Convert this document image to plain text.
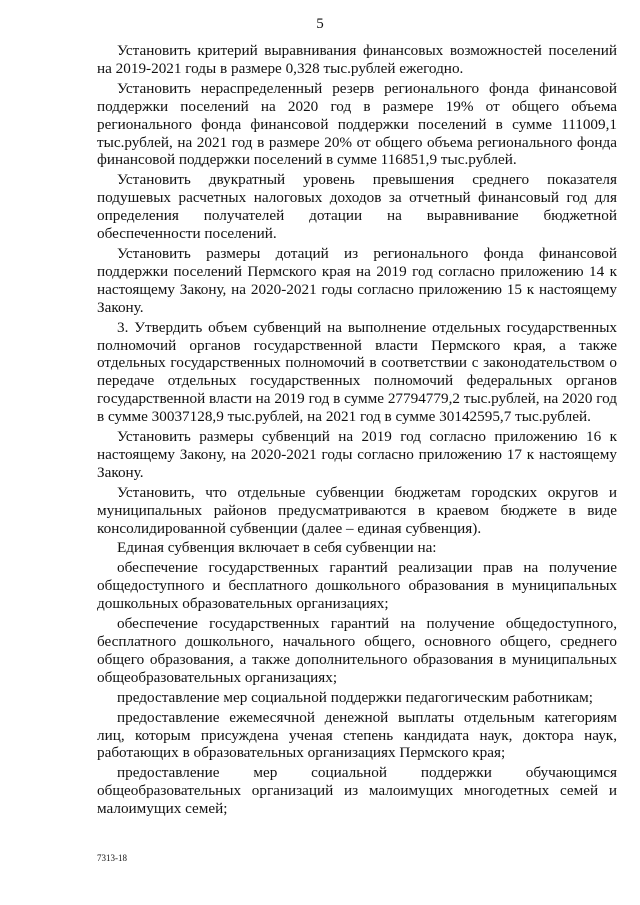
5

Установить критерий выравнивания финансовых возможностей поселений на 2019-2021 годы в размере 0,328 тыс.рублей ежегодно.

Установить нераспределенный резерв регионального фонда финансовой поддержки поселений на 2020 год в размере 19% от общего объема регионального фонда финансовой поддержки поселений в сумме 111009,1 тыс.рублей, на 2021 год в размере 20% от общего объема регионального фонда финансовой поддержки поселений в сумме 116851,9 тыс.рублей.

Установить двукратный уровень превышения среднего показателя подушевых расчетных налоговых доходов за отчетный финансовый год для определения получателей дотации на выравнивание бюджетной обеспеченности поселений.

Установить размеры дотаций из регионального фонда финансовой поддержки поселений Пермского края на 2019 год согласно приложению 14 к настоящему Закону, на 2020-2021 годы согласно приложению 15 к настоящему Закону.

3. Утвердить объем субвенций на выполнение отдельных государственных полномочий органов государственной власти Пермского края, а также отдельных государственных полномочий в соответствии с законодательством о передаче отдельных государственных полномочий федеральных органов государственной власти на 2019 год в сумме 27794779,2 тыс.рублей, на 2020 год в сумме 30037128,9 тыс.рублей, на 2021 год в сумме 30142595,7 тыс.рублей.

Установить размеры субвенций на 2019 год согласно приложению 16 к настоящему Закону, на 2020-2021 годы согласно приложению 17 к настоящему Закону.

Установить, что отдельные субвенции бюджетам городских округов и муниципальных районов предусматриваются в краевом бюджете в виде консолидированной субвенции (далее – единая субвенция).

Единая субвенция включает в себя субвенции на:

обеспечение государственных гарантий реализации прав на получение общедоступного и бесплатного дошкольного образования в муниципальных дошкольных образовательных организациях;

обеспечение государственных гарантий на получение общедоступного, бесплатного дошкольного, начального общего, основного общего, среднего общего образования, а также дополнительного образования в муниципальных общеобразовательных организациях;

предоставление мер социальной поддержки педагогическим работникам;

предоставление ежемесячной денежной выплаты отдельным категориям лиц, которым присуждена ученая степень кандидата наук, доктора наук, работающих в образовательных организациях Пермского края;

предоставление мер социальной поддержки обучающимся общеобразовательных организаций из малоимущих многодетных семей и малоимущих семей;

7313-18
